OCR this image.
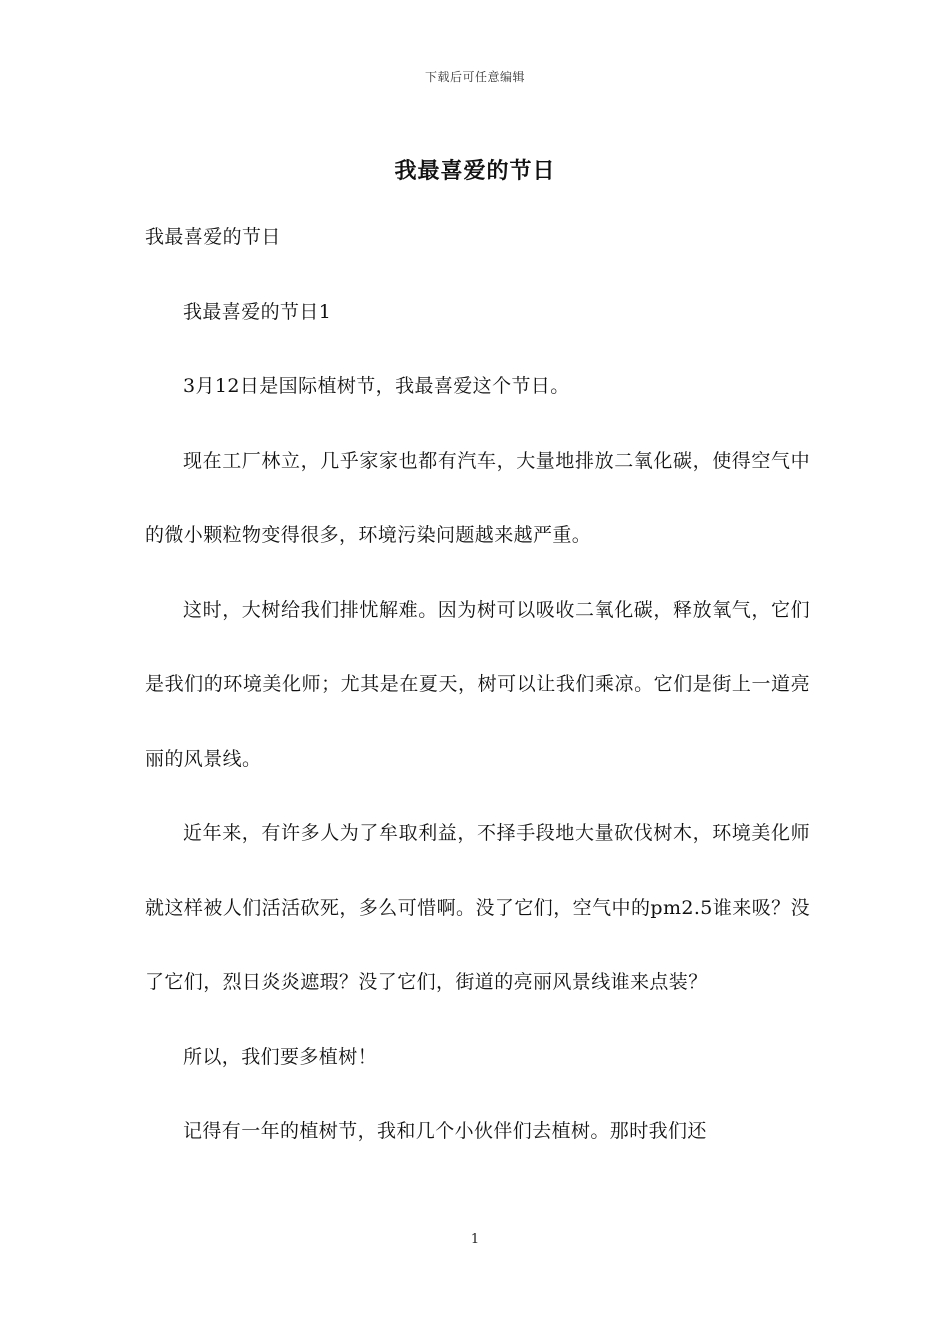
下载后可任意编辑
我最喜爱的节日

我最喜爱的节日

我最喜爱的节日1

3月12日是国际植树节，我最喜爱这个节日。

现在工厂林立，几乎家家也都有汽车，大量地排放二氧化碳，使得空气中的微小颗粒物变得很多，环境污染问题越来越严重。

这时，大树给我们排忧解难。因为树可以吸收二氧化碳，释放氧气，它们是我们的环境美化师；尤其是在夏天，树可以让我们乘凉。它们是街上一道亮丽的风景线。

近年来，有许多人为了牟取利益，不择手段地大量砍伐树木，环境美化师就这样被人们活活砍死，多么可惜啊。没了它们，空气中的pm2.5谁来吸？没了它们，烈日炎炎遮瑕？没了它们，街道的亮丽风景线谁来点装？

所以，我们要多植树！

记得有一年的植树节，我和几个小伙伴们去植树。那时我们还

1
